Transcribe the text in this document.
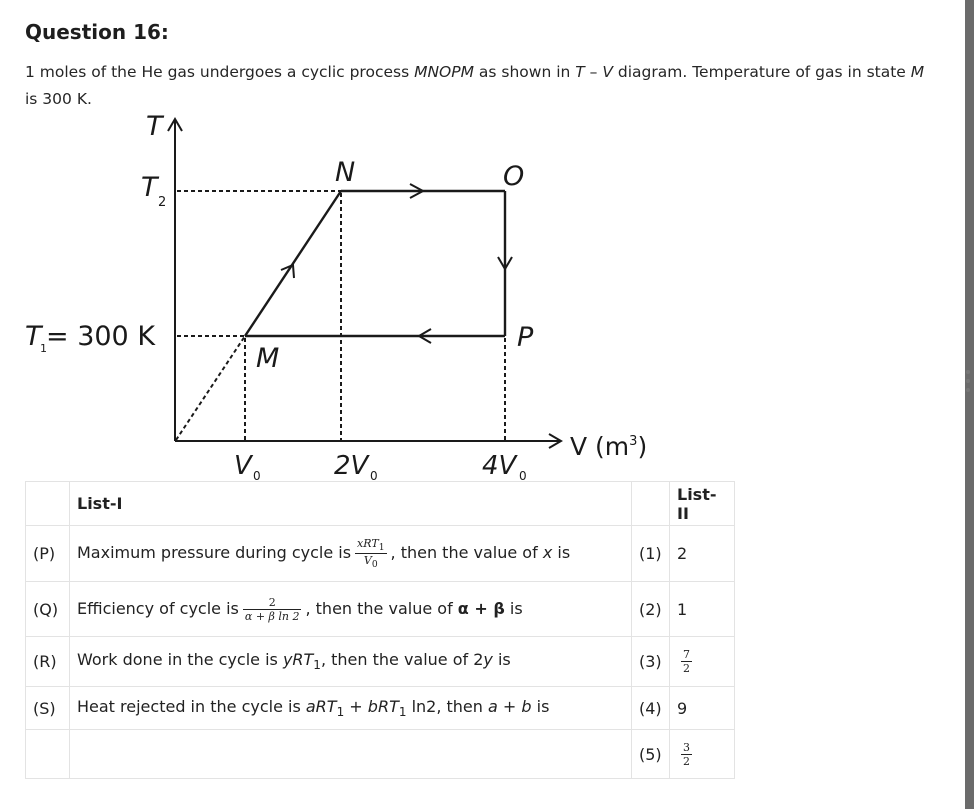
Question 16:
1 moles of the He gas undergoes a cyclic process MNOPM as shown in T – V diagram. Temperature of gas in state M is 300 K.
T
V $(m^3)$
T 2
T
1 = 300 K
N	O
P
M
V 0	2V 0	4V 0
	List-I		List-II
(P)	Maximum pressure during cycle is $\frac{xRT_1}{V_0}$ , then the value of x is	(1)	2
(Q)	Efficiency of cycle is $\frac{2}{\text{α + β ln 2}}$ , then the value of α + β is	(2)	1
(R)	Work done in the cycle is yRT$_1$, then the value of 2y is	(3)	$\frac{7}{2}$

(S)	Heat rejected in the cycle is aRT$_1$ + bRT$_1$ ln2, then a + b is	(4)	9
		(5)	$\frac{3}{2}$
